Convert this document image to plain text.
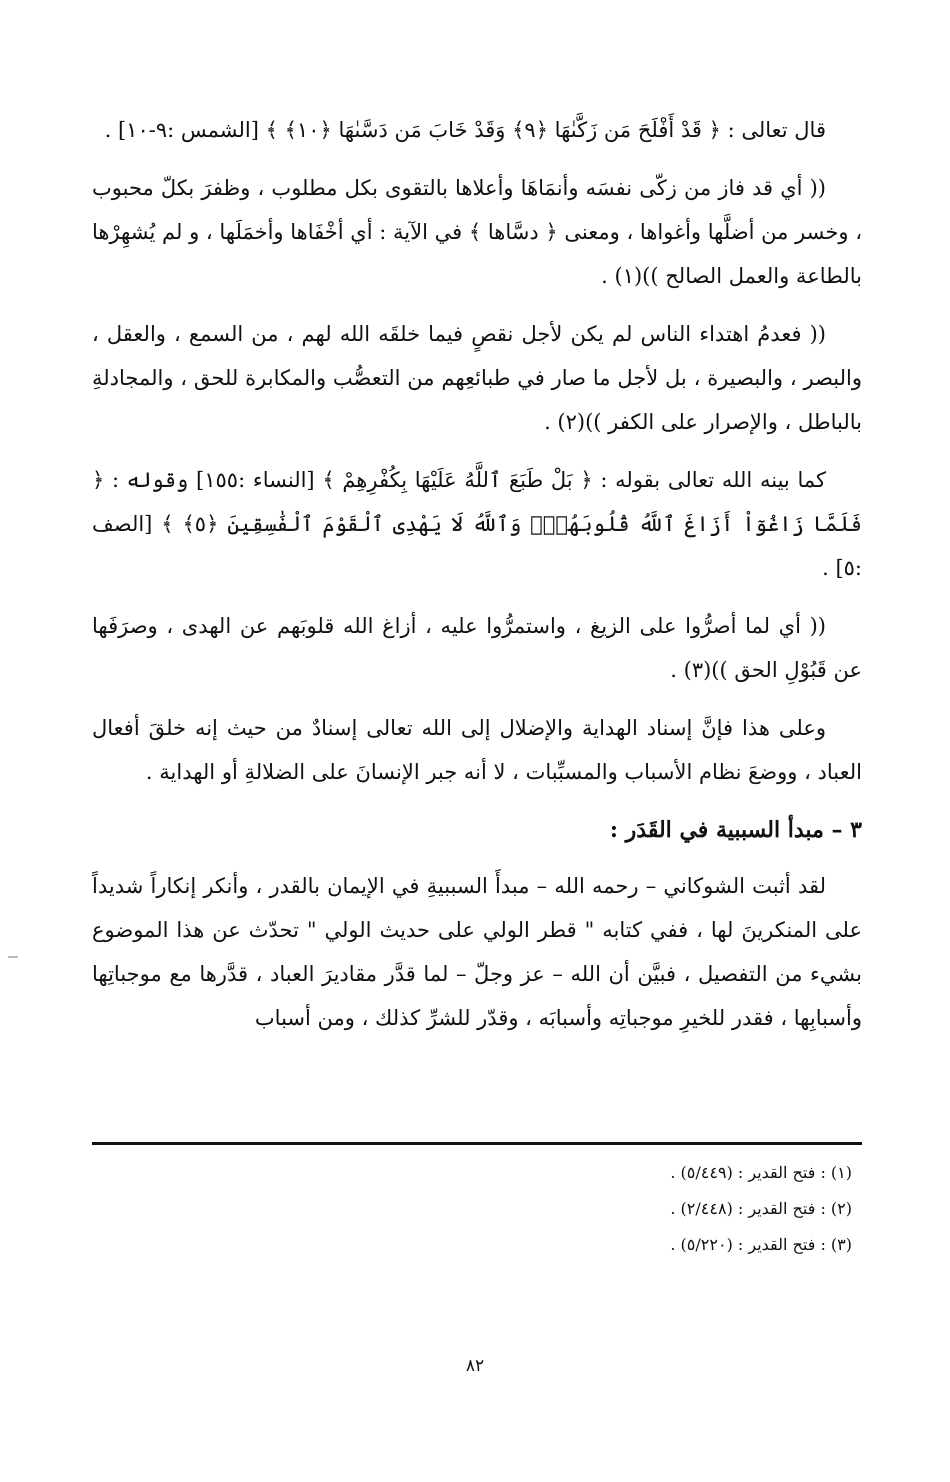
قال تعالى : ﴿ قَدْ أَفْلَحَ مَن زَكَّىٰهَا ﴿٩﴾ وَقَدْ خَابَ مَن دَسَّىٰهَا ﴿١٠﴾ ﴾ [الشمس :٩-١٠] .

(( أي قد فاز من زكّى نفسَه وأنمَاهَا وأعلاها بالتقوى بكل مطلوب ، وظفرَ بكلّ محبوب ، وخسر من أضلَّها وأغواها ، ومعنى ﴿ دسَّاها ﴾ في الآية : أي أخْفَاها وأخمَلَها ، و لم يُشهِرْها بالطاعة والعمل الصالح ))(١) .

(( فعدمُ اهتداء الناس لم يكن لأجل نقصٍ فيما خلقَه الله لهم ، من السمع ، والعقل ، والبصر ، والبصيرة ، بل لأجل ما صار في طبائعِهم من التعصُّب والمكابرة للحق ، والمجادلةِ بالباطل ، والإصرار على الكفر ))(٢) .

كما بينه الله تعالى بقوله : ﴿ بَلْ طَبَعَ ٱللَّهُ عَلَيْهَا بِكُفْرِهِمْ ﴾ [النساء :١٥٥] وقوله : ﴿ فَلَمَّا زَاغُوٓاْ أَزَاغَ ٱللَّهُ قُلُوبَهُمْۚ وَٱللَّهُ لَا يَهْدِى ٱلْقَوْمَ ٱلْفَٰسِقِينَ ﴿٥﴾ ﴾ [الصف :٥] .

(( أي لما أصرُّوا على الزيغ ، واستمرُّوا عليه ، أزاغ الله قلوبَهم عن الهدى ، وصرَفَها عن قَبُوْلِ الحق ))(٣) .

وعلى هذا فإنَّ إسناد الهداية والإضلال إلى الله تعالى إسنادٌ من حيث إنه خلقَ أفعال العباد ، ووضعَ نظام الأسباب والمسبِّبات ، لا أنه جبر الإنسانَ على الضلالةِ أو الهداية .

٣ – مبدأ السببية في القَدَر :

لقد أثبت الشوكاني – رحمه الله – مبدأَ السببيةِ في الإيمان بالقدر ، وأنكر إنكاراً شديداً على المنكرينَ لها ، ففي كتابه " قطر الولي على حديث الولي " تحدّث عن هذا الموضوع بشيء من التفصيل ، فبيَّن أن الله – عز وجلّ – لما قدَّر مقاديرَ العباد ، قدَّرها مع موجباتِها وأسبابِها ، فقدر للخيرِ موجباتِه وأسبابَه ، وقدّر للشرِّ كذلك ، ومن أسباب

(١) : فتح القدير : (٥/٤٤٩) .
(٢) : فتح القدير : (٢/٤٤٨) .
(٣) : فتح القدير : (٥/٢٢٠) .
٨٢
